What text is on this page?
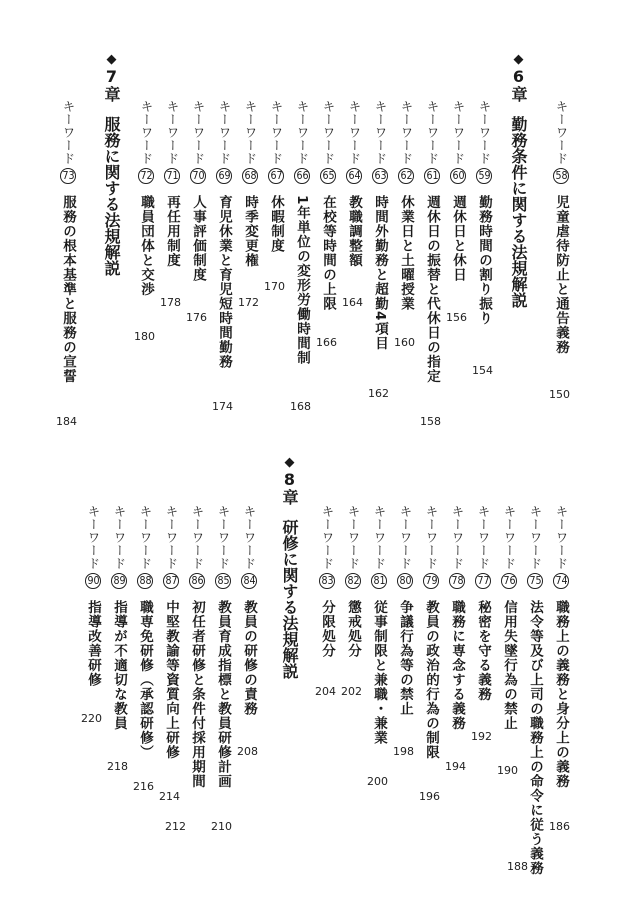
キーワード58児童虐待防止と通告義務
150
キーワード59勤務時間の割り振り
154
キーワード60週休日と休日
156
キーワード61週休日の振替と代休日の指定
158
キーワード62休業日と土曜授業
160
キーワード63時間外勤務と超勤4項目
162
キーワード64教職調整額
164
キーワード65在校等時間の上限
166
キーワード661年単位の変形労働時間制
168
キーワード67休暇制度
170
キーワード68時季変更権
172
キーワード69育児休業と育児短時間勤務
174
キーワード70人事評価制度
176
キーワード71再任用制度
178
キーワード72職員団体と交渉
180
キーワード73服務の根本基準と服務の宣誓
184
キーワード74職務上の義務と身分上の義務
186
キーワード75法令等及び上司の職務上の命令に従う義務
188
キーワード76信用失墜行為の禁止
190
キーワード77秘密を守る義務
192
キーワード78職務に専念する義務
194
キーワード79教員の政治的行為の制限
196
キーワード80争議行為等の禁止
198
キーワード81従事制限と兼職・兼業
200
キーワード82懲戒処分
202
キーワード83分限処分
204
キーワード84教員の研修の責務
208
キーワード85教員育成指標と教員研修計画
210
キーワード86初任者研修と条件付採用期間
212
キーワード87中堅教諭等資質向上研修
214
キーワード88職専免研修（承認研修）
216
キーワード89指導が不適切な教員
218
キーワード90指導改善研修
220
◆6章勤務条件に関する法規解説
◆7章服務に関する法規解説
◆8章研修に関する法規解説
